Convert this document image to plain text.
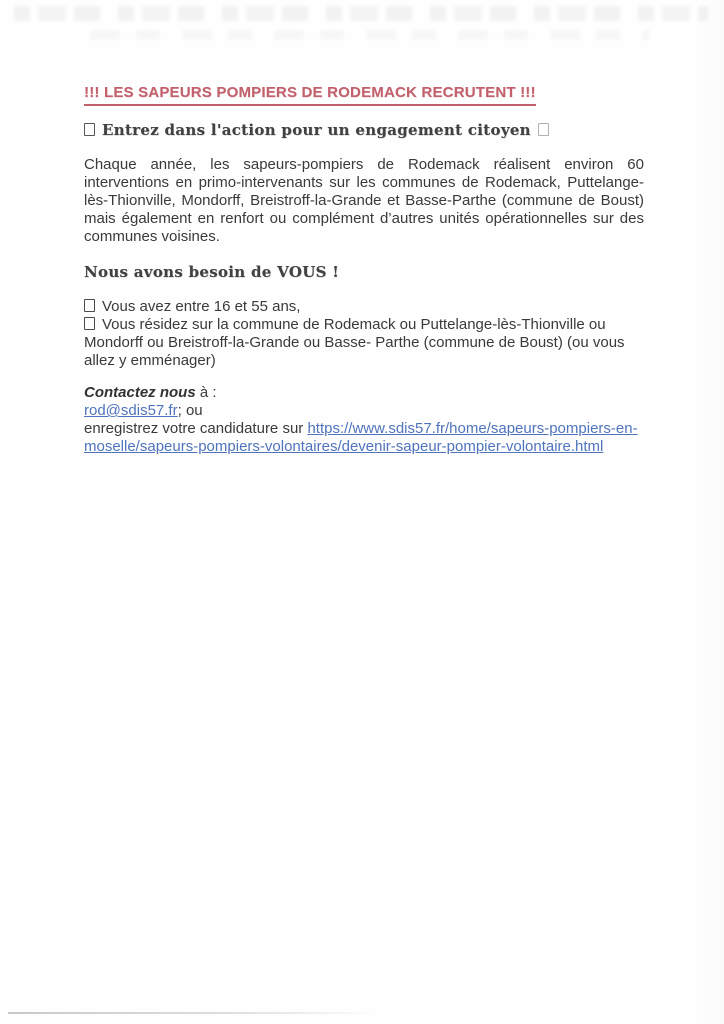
!!! LES SAPEURS POMPIERS DE RODEMACK RECRUTENT !!!
Entrez dans l'action pour un engagement citoyen
Chaque année, les sapeurs-pompiers de Rodemack réalisent environ 60 interventions en primo-intervenants sur les communes de Rodemack, Puttelange-lès-Thionville, Mondorff, Breistroff-la-Grande et Basse-Parthe (commune de Boust) mais également en renfort ou complément d’autres unités opérationnelles sur des communes voisines.
Nous avons besoin de VOUS !
Vous avez entre 16 et 55 ans,
Vous résidez sur la commune de Rodemack ou Puttelange-lès-Thionville ou Mondorff ou Breistroff-la-Grande ou Basse- Parthe (commune de Boust) (ou vous allez y emménager)
Contactez nous à :
rod@sdis57.fr; ou
enregistrez votre candidature sur https://www.sdis57.fr/home/sapeurs-pompiers-en-moselle/sapeurs-pompiers-volontaires/devenir-sapeur-pompier-volontaire.html
